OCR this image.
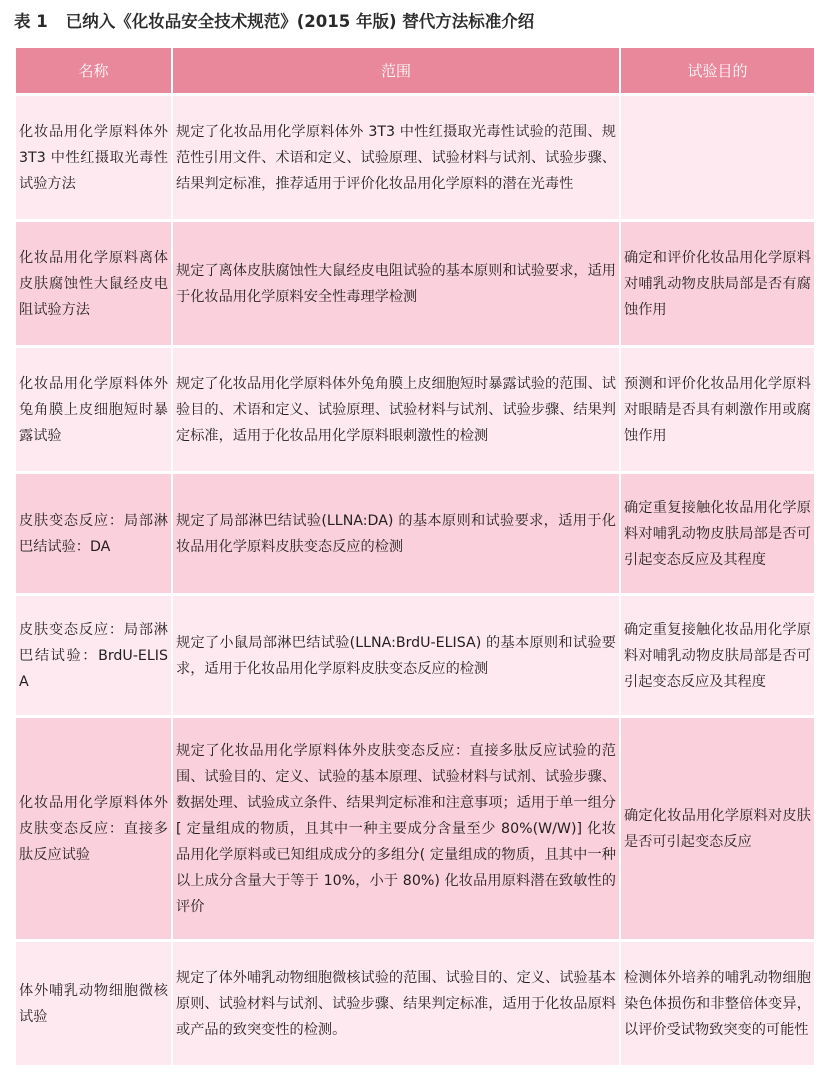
表 1 已纳入《化妆品安全技术规范》(2015 年版) 替代方法标准介绍
名称	范围	试验目的
化妆品用化学原料体外 3T3 中性红摄取光毒性试验方法	规定了化妆品用化学原料体外 3T3 中性红摄取光毒性试验的范围、规范性引用文件、术语和定义、试验原理、试验材料与试剂、试验步骤、结果判定标准，推荐适用于评价化妆品用化学原料的潜在光毒性	
化妆品用化学原料离体皮肤腐蚀性大鼠经皮电阻试验方法	规定了离体皮肤腐蚀性大鼠经皮电阻试验的基本原则和试验要求，适用于化妆品用化学原料安全性毒理学检测	确定和评价化妆品用化学原料对哺乳动物皮肤局部是否有腐蚀作用
化妆品用化学原料体外兔角膜上皮细胞短时暴露试验	规定了化妆品用化学原料体外兔角膜上皮细胞短时暴露试验的范围、试验目的、术语和定义、试验原理、试验材料与试剂、试验步骤、结果判定标准，适用于化妆品用化学原料眼刺激性的检测	预测和评价化妆品用化学原料对眼睛是否具有刺激作用或腐蚀作用
皮肤变态反应：局部淋巴结试验：DA	规定了局部淋巴结试验(LLNA:DA) 的基本原则和试验要求，适用于化妆品用化学原料皮肤变态反应的检测	确定重复接触化妆品用化学原料对哺乳动物皮肤局部是否可引起变态反应及其程度
皮肤变态反应：局部淋巴结试验：BrdU-ELISA	规定了小鼠局部淋巴结试验(LLNA:BrdU-ELISA) 的基本原则和试验要求，适用于化妆品用化学原料皮肤变态反应的检测	确定重复接触化妆品用化学原料对哺乳动物皮肤局部是否可引起变态反应及其程度
化妆品用化学原料体外皮肤变态反应：直接多肽反应试验	规定了化妆品用化学原料体外皮肤变态反应：直接多肽反应试验的范围、试验目的、定义、试验的基本原理、试验材料与试剂、试验步骤、数据处理、试验成立条件、结果判定标准和注意事项；适用于单一组分 [ 定量组成的物质，且其中一种主要成分含量至少 80%(W/W)] 化妆品用化学原料或已知组成成分的多组分( 定量组成的物质，且其中一种以上成分含量大于等于 10%，小于 80%) 化妆品用原料潜在致敏性的评价	确定化妆品用化学原料对皮肤是否可引起变态反应
体外哺乳动物细胞微核试验	规定了体外哺乳动物细胞微核试验的范围、试验目的、定义、试验基本原则、试验材料与试剂、试验步骤、结果判定标准，适用于化妆品原料或产品的致突变性的检测。	检测体外培养的哺乳动物细胞染色体损伤和非整倍体变异，以评价受试物致突变的可能性
